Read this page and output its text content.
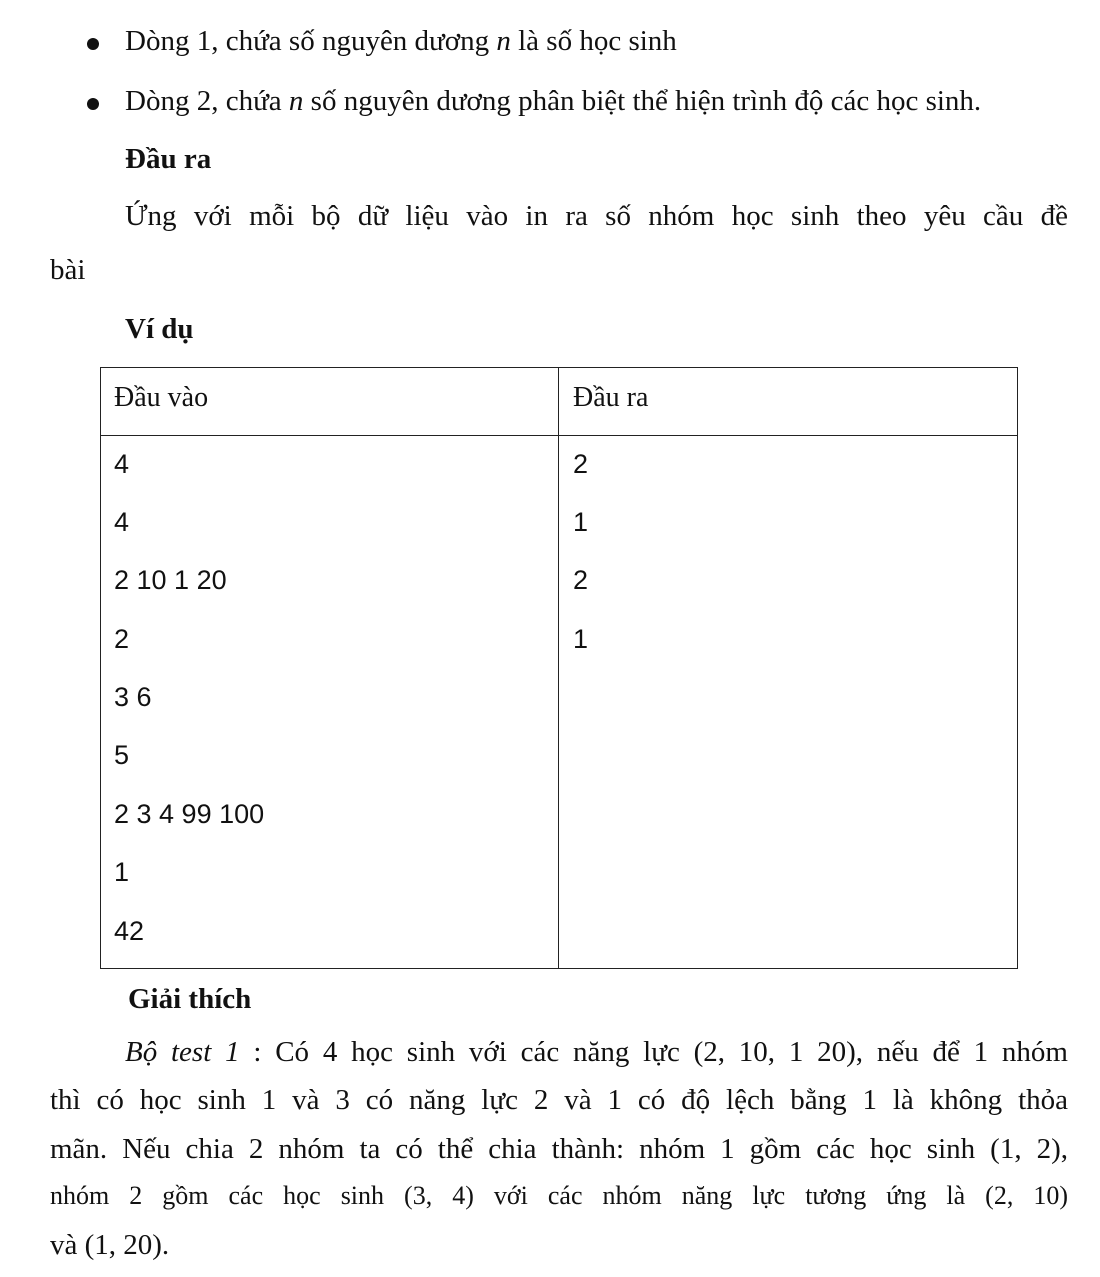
Dòng 1, chứa số nguyên dương n là số học sinh
Dòng 2, chứa n số nguyên dương phân biệt thể hiện trình độ các học sinh.
Đầu ra
Ứng với mỗi bộ dữ liệu vào in ra số nhóm học sinh theo yêu cầu đề
bài
Ví dụ
Đầu vào	Đầu ra
4
4
2 10 1 20
2
3 6
5
2 3 4 99 100
1
42
2
1
2
1
Giải thích
Bộ test 1 : Có 4 học sinh với các năng lực (2, 10, 1 20), nếu để 1 nhóm
thì có học sinh 1 và 3 có năng lực 2 và 1 có độ lệch bằng 1 là không thỏa
mãn. Nếu chia 2 nhóm ta có thể chia thành: nhóm 1 gồm các học sinh (1, 2),
nhóm 2 gồm các học sinh (3, 4) với các nhóm năng lực tương ứng là (2, 10)
và (1, 20).
